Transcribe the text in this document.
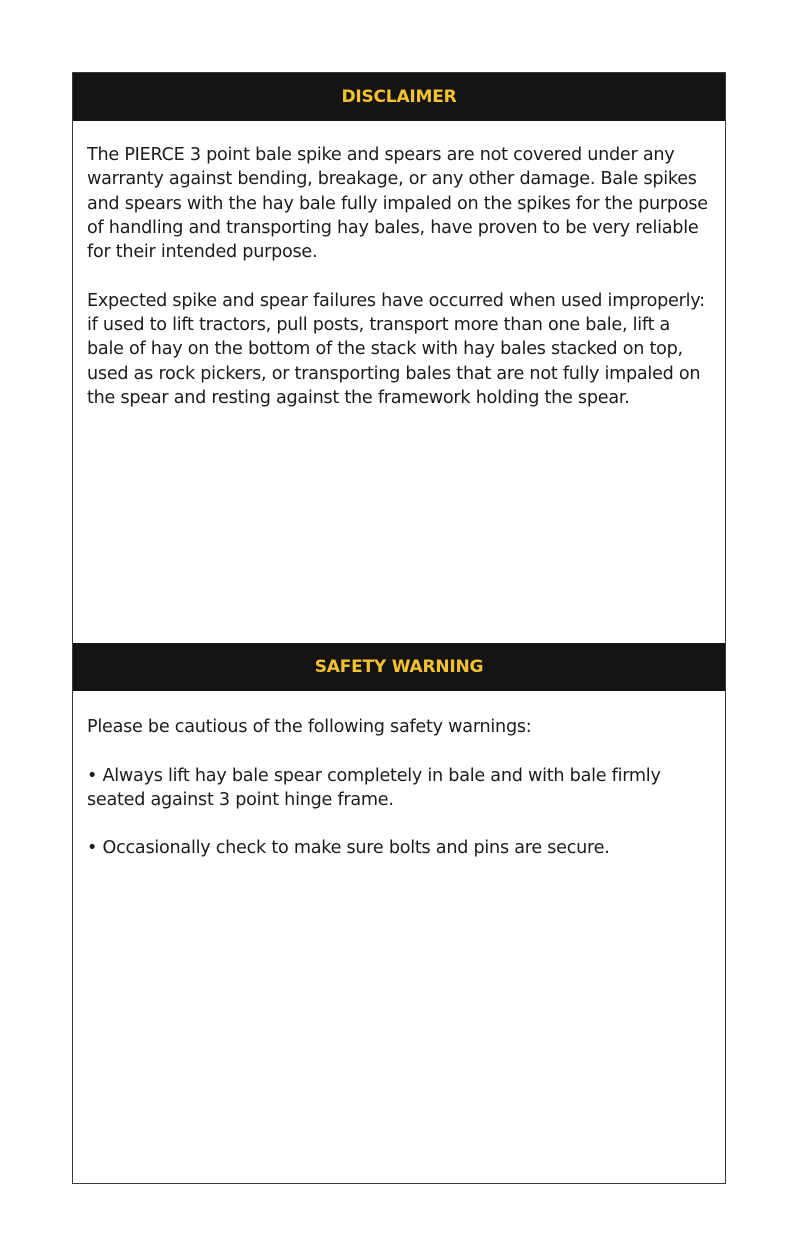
DISCLAIMER

The PIERCE 3 point bale spike and spears are not covered under any warranty against bending, breakage, or any other damage. Bale spikes and spears with the hay bale fully impaled on the spikes for the purpose of handling and transporting hay bales, have proven to be very reliable for their intended purpose.

Expected spike and spear failures have occurred when used improperly: if used to lift tractors, pull posts, transport more than one bale, lift a bale of hay on the bottom of the stack with hay bales stacked on top, used as rock pickers, or transporting bales that are not fully impaled on the spear and resting against the framework holding the spear.

SAFETY WARNING

Please be cautious of the following safety warnings:

• Always lift hay bale spear completely in bale and with bale firmly seated against 3 point hinge frame.

• Occasionally check to make sure bolts and pins are secure.
